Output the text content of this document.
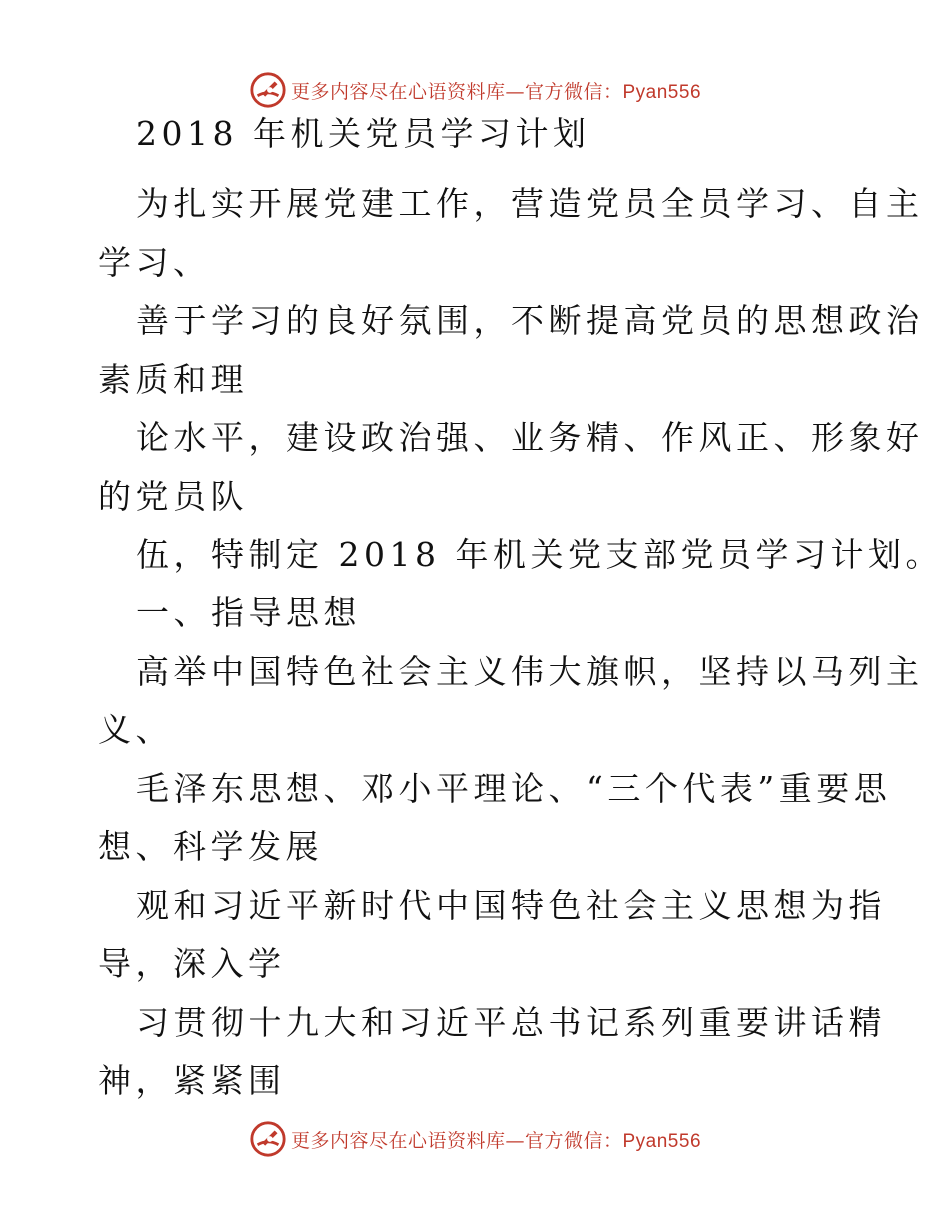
更多内容尽在心语资料库—官方微信：Pyan556
2018 年机关党员学习计划
为扎实开展党建工作，营造党员全员学习、自主
学习、
善于学习的良好氛围，不断提高党员的思想政治
素质和理
论水平，建设政治强、业务精、作风正、形象好
的党员队
伍，特制定 2018 年机关党支部党员学习计划。
一、指导思想
高举中国特色社会主义伟大旗帜，坚持以马列主
义、
毛泽东思想、邓小平理论、“三个代表”重要思
想、科学发展
观和习近平新时代中国特色社会主义思想为指
导，深入学
习贯彻十九大和习近平总书记系列重要讲话精
神，紧紧围
更多内容尽在心语资料库—官方微信：Pyan556
